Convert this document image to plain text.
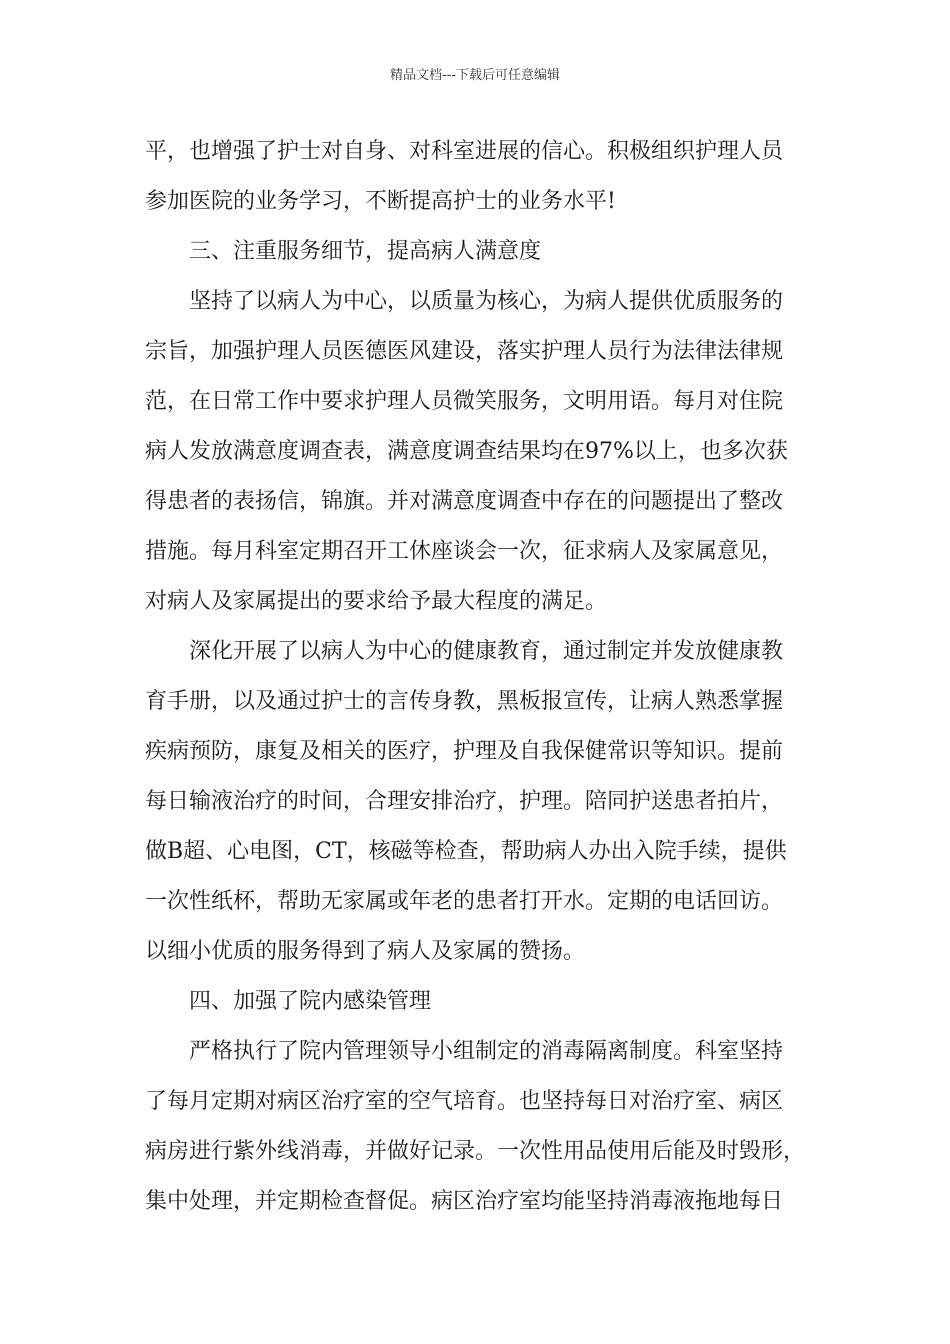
精品文档---下载后可任意编辑
平，也增强了护士对自身、对科室进展的信心。积极组织护理人员
参加医院的业务学习，不断提高护士的业务水平!
三、注重服务细节，提高病人满意度
坚持了以病人为中心，以质量为核心，为病人提供优质服务的
宗旨，加强护理人员医德医风建设，落实护理人员行为法律法律规
范，在日常工作中要求护理人员微笑服务，文明用语。每月对住院
病人发放满意度调查表，满意度调查结果均在97%以上，也多次获
得患者的表扬信，锦旗。并对满意度调查中存在的问题提出了整改
措施。每月科室定期召开工休座谈会一次，征求病人及家属意见，
对病人及家属提出的要求给予最大程度的满足。
深化开展了以病人为中心的健康教育，通过制定并发放健康教
育手册，以及通过护士的言传身教，黑板报宣传，让病人熟悉掌握
疾病预防，康复及相关的医疗，护理及自我保健常识等知识。提前
每日输液治疗的时间，合理安排治疗，护理。陪同护送患者拍片，
做B超、心电图，CT，核磁等检查，帮助病人办出入院手续，提供
一次性纸杯，帮助无家属或年老的患者打开水。定期的电话回访。
以细小优质的服务得到了病人及家属的赞扬。
四、加强了院内感染管理
严格执行了院内管理领导小组制定的消毒隔离制度。科室坚持
了每月定期对病区治疗室的空气培育。也坚持每日对治疗室、病区
病房进行紫外线消毒，并做好记录。一次性用品使用后能及时毁形，
集中处理，并定期检查督促。病区治疗室均能坚持消毒液拖地每日
